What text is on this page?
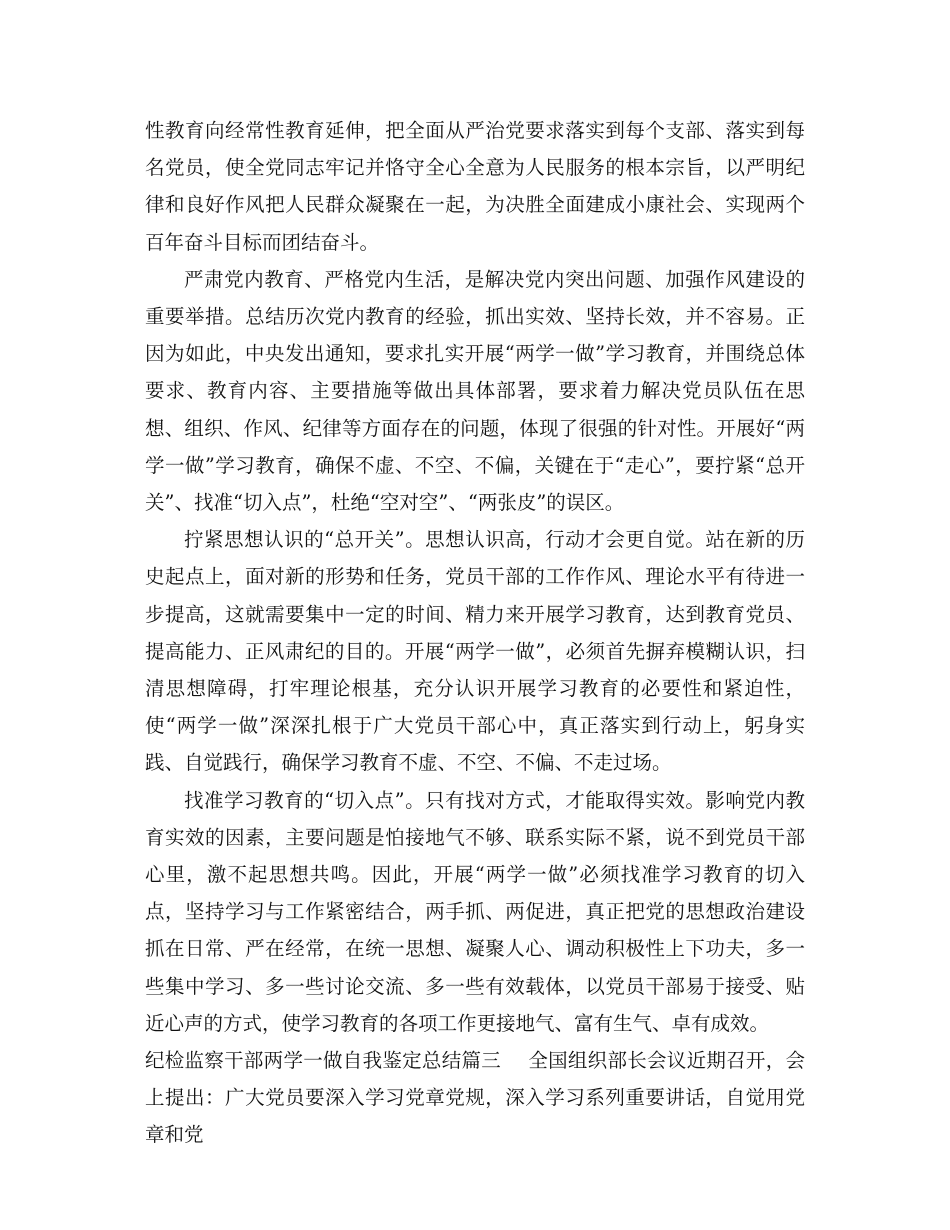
性教育向经常性教育延伸，把全面从严治党要求落实到每个支部、落实到每名党员，使全党同志牢记并恪守全心全意为人民服务的根本宗旨，以严明纪律和良好作风把人民群众凝聚在一起，为决胜全面建成小康社会、实现两个百年奋斗目标而团结奋斗。

严肃党内教育、严格党内生活，是解决党内突出问题、加强作风建设的重要举措。总结历次党内教育的经验，抓出实效、坚持长效，并不容易。正因为如此，中央发出通知，要求扎实开展“两学一做”学习教育，并围绕总体要求、教育内容、主要措施等做出具体部署，要求着力解决党员队伍在思想、组织、作风、纪律等方面存在的问题，体现了很强的针对性。开展好“两学一做”学习教育，确保不虚、不空、不偏，关键在于“走心”，要拧紧“总开关”、找准“切入点”，杜绝“空对空”、“两张皮”的误区。

拧紧思想认识的“总开关”。思想认识高，行动才会更自觉。站在新的历史起点上，面对新的形势和任务，党员干部的工作作风、理论水平有待进一步提高，这就需要集中一定的时间、精力来开展学习教育，达到教育党员、提高能力、正风肃纪的目的。开展“两学一做”，必须首先摒弃模糊认识，扫清思想障碍，打牢理论根基，充分认识开展学习教育的必要性和紧迫性，使“两学一做”深深扎根于广大党员干部心中，真正落实到行动上，躬身实践、自觉践行，确保学习教育不虚、不空、不偏、不走过场。

找准学习教育的“切入点”。只有找对方式，才能取得实效。影响党内教育实效的因素，主要问题是怕接地气不够、联系实际不紧，说不到党员干部心里，激不起思想共鸣。因此，开展“两学一做”必须找准学习教育的切入点，坚持学习与工作紧密结合，两手抓、两促进，真正把党的思想政治建设抓在日常、严在经常，在统一思想、凝聚人心、调动积极性上下功夫，多一些集中学习、多一些讨论交流、多一些有效载体，以党员干部易于接受、贴近心声的方式，使学习教育的各项工作更接地气、富有生气、卓有成效。

纪检监察干部两学一做自我鉴定总结篇三 全国组织部长会议近期召开，会上提出：广大党员要深入学习党章党规，深入学习系列重要讲话，自觉用党章和党
